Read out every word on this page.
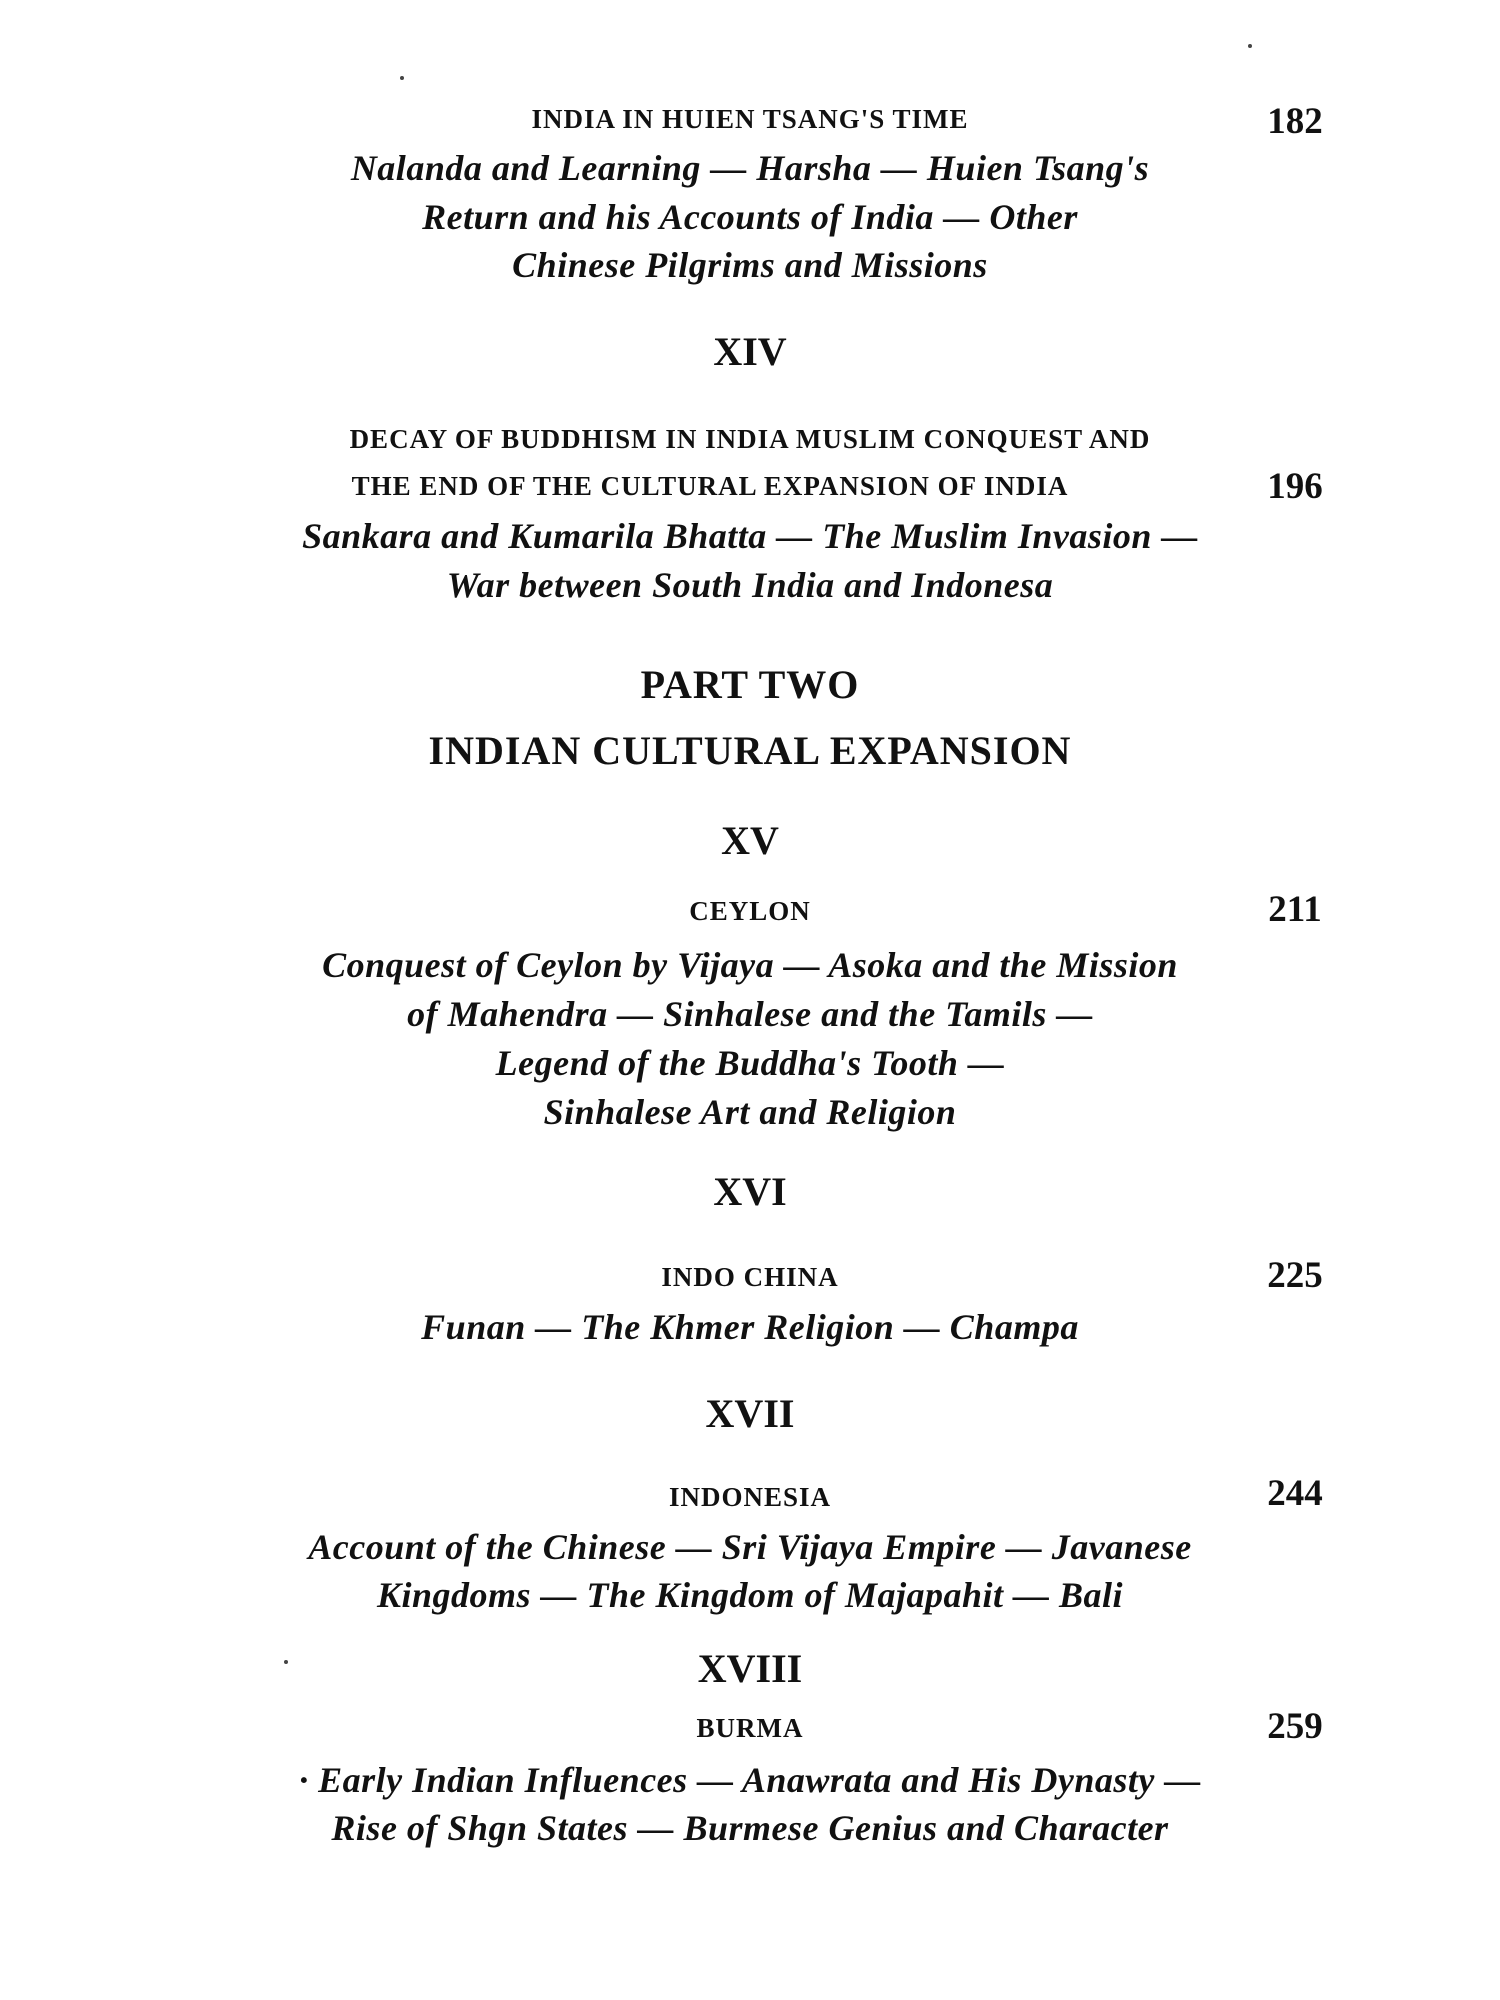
INDIA IN HUIEN TSANG'S TIME	182
Nalanda and Learning — Harsha — Huien Tsang's
Return and his Accounts of India — Other
Chinese Pilgrims and Missions
XIV
DECAY OF BUDDHISM IN INDIA MUSLIM CONQUEST AND
THE END OF THE CULTURAL EXPANSION OF INDIA	196
Sankara and Kumarila Bhatta — The Muslim Invasion —
War between South India and Indonesa
PART TWO
INDIAN CULTURAL EXPANSION
XV
CEYLON	211
Conquest of Ceylon by Vijaya — Asoka and the Mission
of Mahendra — Sinhalese and the Tamils —
Legend of the Buddha's Tooth —
Sinhalese Art and Religion
XVI
INDO CHINA	225
Funan — The Khmer Religion — Champa
XVII
INDONESIA	244
Account of the Chinese — Sri Vijaya Empire — Javanese
Kingdoms — The Kingdom of Majapahit — Bali
XVIII
BURMA	259
· Early Indian Influences — Anawrata and His Dynasty —
Rise of Shgn States — Burmese Genius and Character
